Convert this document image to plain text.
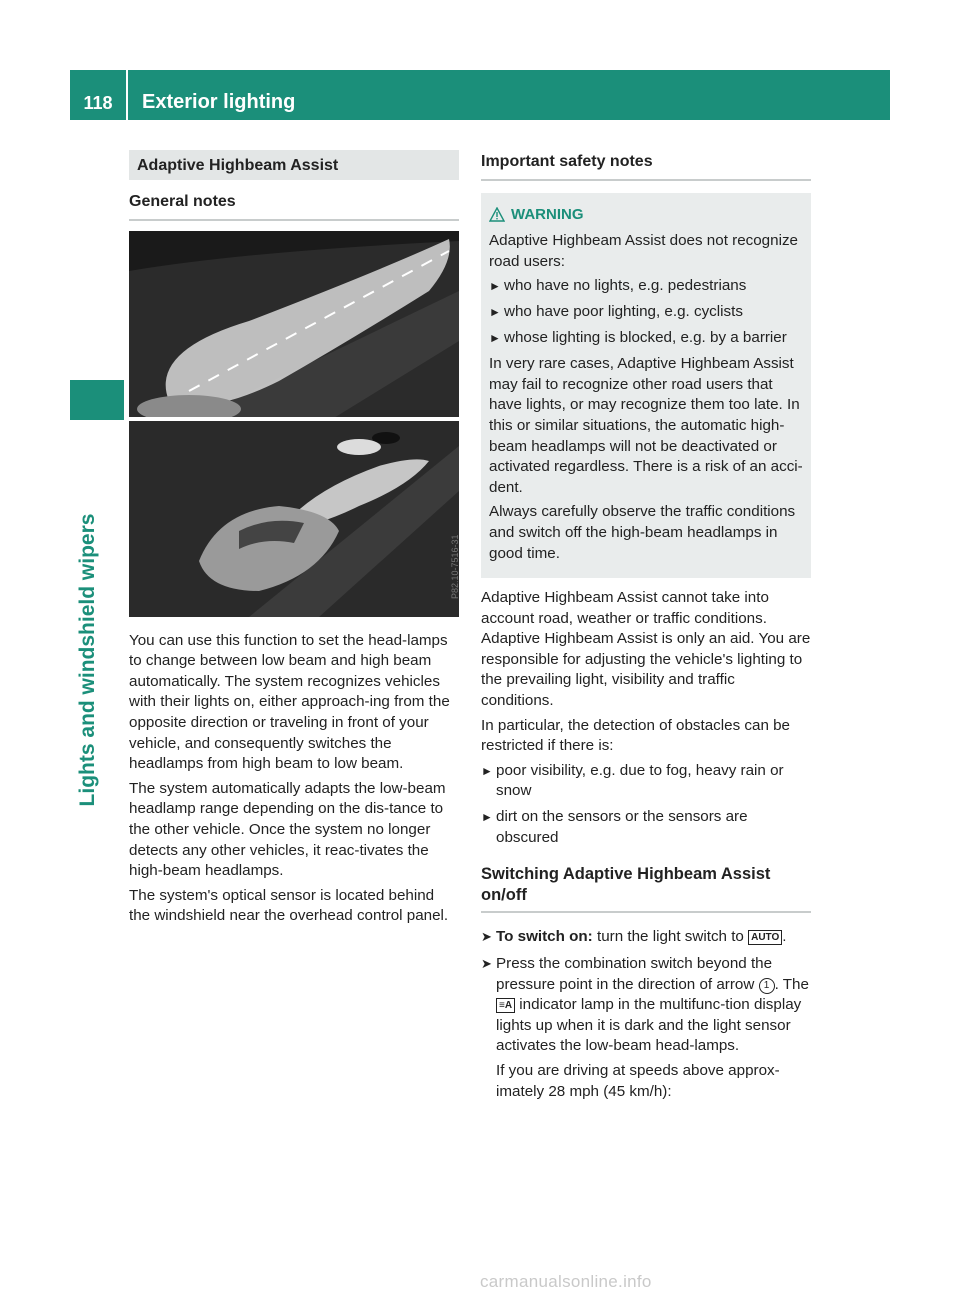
118	Exterior lighting
Lights and windshield wipers
Adaptive Highbeam Assist
General notes
P82.10-7516-31

You can use this function to set the head-lamps to change between low beam and high beam automatically. The system recognizes vehicles with their lights on, either approach-ing from the opposite direction or traveling in front of your vehicle, and consequently switches the headlamps from high beam to low beam.

The system automatically adapts the low-beam headlamp range depending on the dis-tance to the other vehicle. Once the system no longer detects any other vehicles, it reac-tivates the high-beam headlamps.

The system's optical sensor is located behind the windshield near the overhead control panel.

Important safety notes
WARNING

Adaptive Highbeam Assist does not recognize road users:

► who have no lights, e.g. pedestrians
► who have poor lighting, e.g. cyclists
► whose lighting is blocked, e.g. by a barrier

In very rare cases, Adaptive Highbeam Assist may fail to recognize other road users that have lights, or may recognize them too late. In this or similar situations, the automatic high-beam headlamps will not be deactivated or activated regardless. There is a risk of an acci-dent.

Always carefully observe the traffic conditions and switch off the high-beam headlamps in good time.

Adaptive Highbeam Assist cannot take into account road, weather or traffic conditions. Adaptive Highbeam Assist is only an aid. You are responsible for adjusting the vehicle's lighting to the prevailing light, visibility and traffic conditions.

In particular, the detection of obstacles can be restricted if there is:

► poor visibility, e.g. due to fog, heavy rain or snow
► dirt on the sensors or the sensors are obscured
Switching Adaptive Highbeam Assist on/off
➤ To switch on: turn the light switch to AUTO .
➤ Press the combination switch beyond the pressure point in the direction of arrow 1 . The ≡A indicator lamp in the multifunc-tion display lights up when it is dark and the light sensor activates the low-beam head-lamps.

If you are driving at speeds above approx-imately 28 mph (45 km/h):

carmanualsonline.info
